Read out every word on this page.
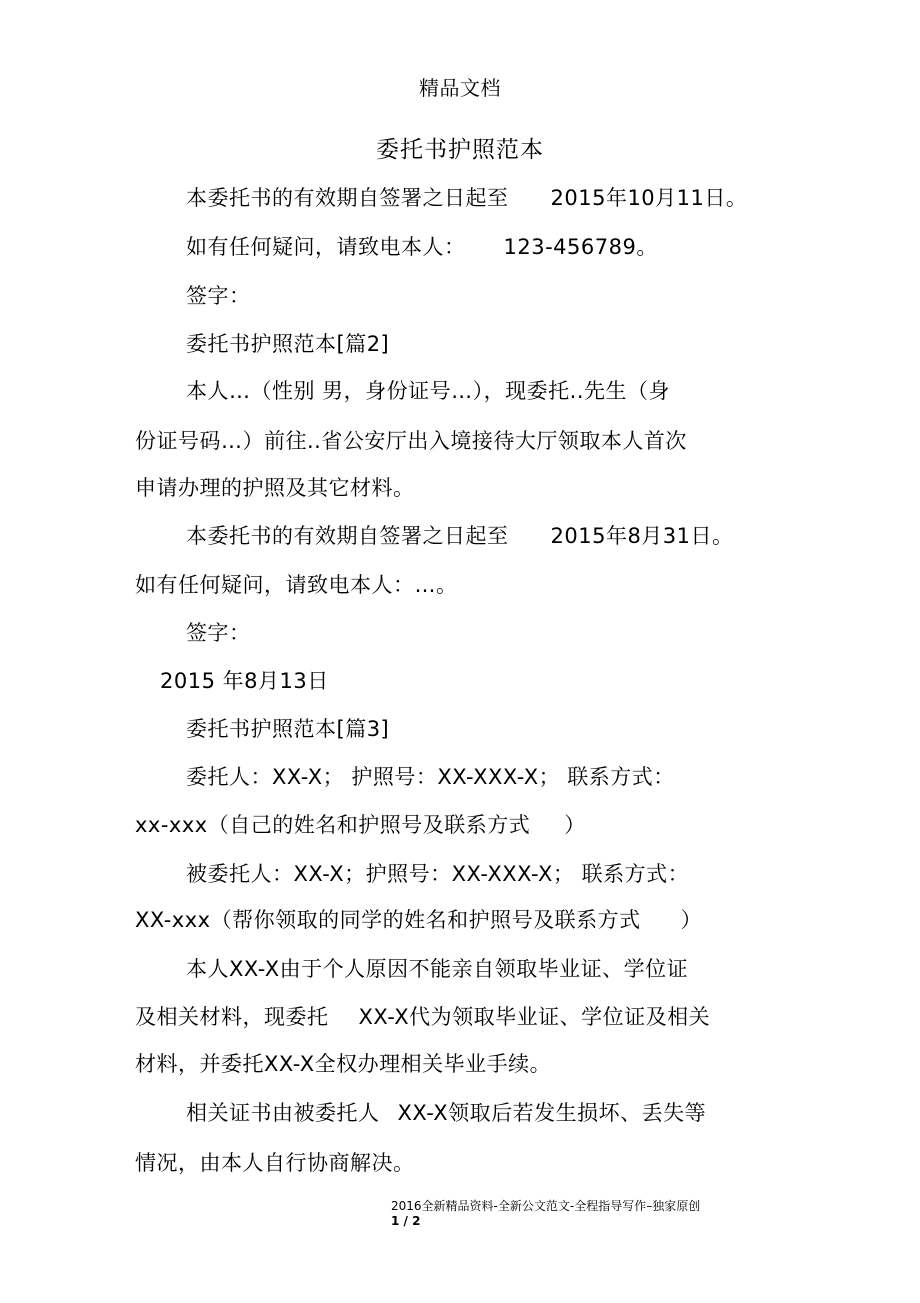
精品文档
委托书护照范本
本委托书的有效期自签署之日起至 2015年10月11日。
如有任何疑问，请致电本人： 123-456789。
签字：
委托书护照范本[篇2]
本人…（性别 男，身份证号…），现委托..先生（身
份证号码…）前往..省公安厅出入境接待大厅领取本人首次
申请办理的护照及其它材料。
本委托书的有效期自签署之日起至 2015年8月31日。
如有任何疑问，请致电本人：…。
签字：
2015 年8月13日
委托书护照范本[篇3]
委托人：XX-X； 护照号：XX-XXX-X； 联系方式：
xx-xxx（自己的姓名和护照号及联系方式 ）
被委托人：XX-X；护照号：XX-XXX-X； 联系方式：
XX-xxx（帮你领取的同学的姓名和护照号及联系方式 ）
本人XX-X由于个人原因不能亲自领取毕业证、学位证
及相关材料，现委托 XX-X代为领取毕业证、学位证及相关
材料，并委托XX-X全权办理相关毕业手续。
相关证书由被委托人 XX-X领取后若发生损坏、丢失等
情况，由本人自行协商解决。
2016全新精品资料-全新公文范文-全程指导写作–独家原创
1 / 2
